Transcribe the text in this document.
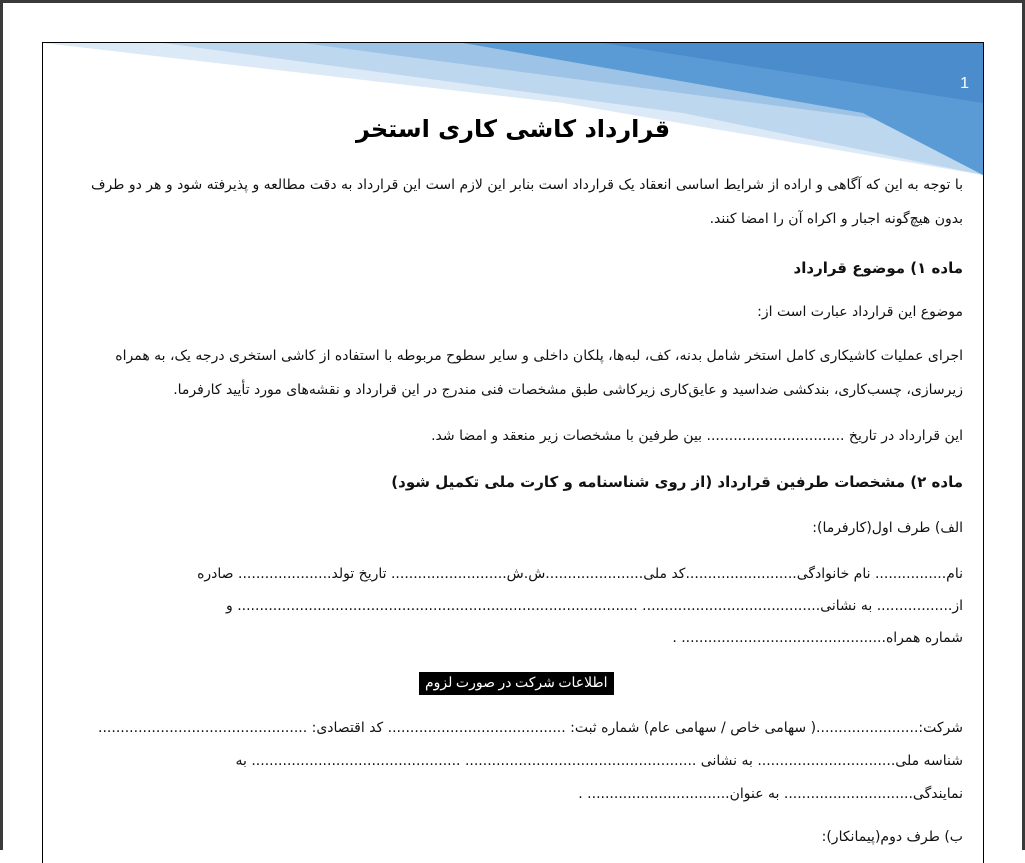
1
قرارداد کاشی کاری استخر
با توجه به این که آگاهی و اراده از شرایط اساسی انعقاد یک قرارداد است بنابر این لازم است این قرارداد به دقت مطالعه و پذیرفته شود و هر دو طرف
بدون هیچ‌گونه اجبار و اکراه آن را امضا کنند.
ماده ۱) موضوع قرارداد
موضوع این قرارداد عبارت است از:
اجرای عملیات کاشیکاری کامل استخر شامل بدنه، کف، لبه‌ها، پلکان داخلی و سایر سطوح مربوطه با استفاده از کاشی استخری درجه یک، به همراه
زیرسازی، چسب‌کاری، بندکشی ضداسید و عایق‌کاری زیرکاشی طبق مشخصات فنی مندرج در این قرارداد و نقشه‌های مورد تأیید کارفرما.
این قرارداد در تاریخ ............................... بین طرفین با مشخصات زیر منعقد و امضا شد.
ماده ۲) مشخصات طرفین قرارداد (از روی شناسنامه و کارت ملی تکمیل شود)
الف) طرف اول(کارفرما):
نام................ نام خانوادگی.........................کد ملی......................ش.ش.......................... تاریخ تولد..................... صادره
از................. به نشانی........................................ .......................................................................................... و
شماره همراه.............................................. .
اطلاعات شرکت در صورت لزوم
شرکت:.......................( سهامی خاص / سهامی عام) شماره ثبت: ........................................ کد اقتصادی: ...............................................
شناسه ملی............................... به نشانی .................................................... ............................................... به
نمایندگی............................. به عنوان................................ .
ب) طرف دوم(پیمانکار):
